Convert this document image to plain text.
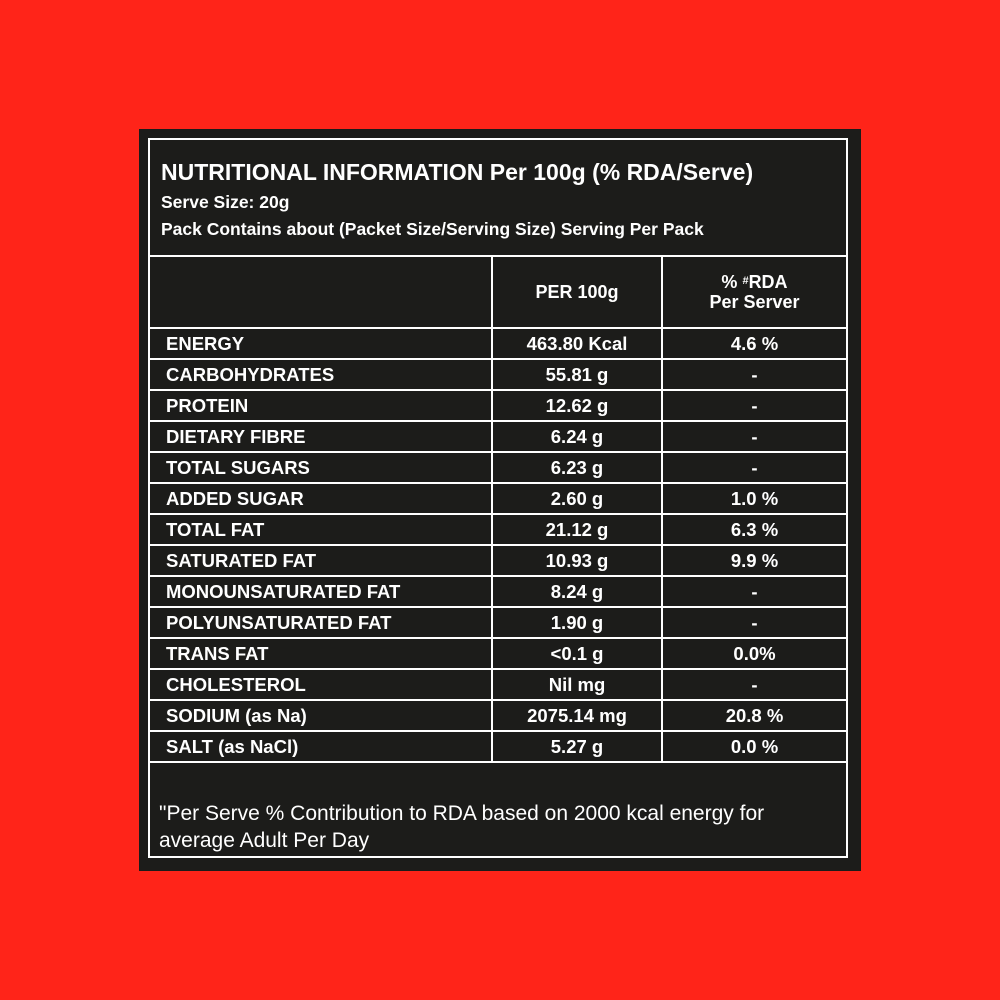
NUTRITIONAL INFORMATION Per 100g (% RDA/Serve)
Serve Size: 20g
Pack Contains about (Packet Size/Serving Size) Serving Per Pack
	PER 100g	% #RDA
Per Server
ENERGY	463.80 Kcal	4.6 %
CARBOHYDRATES	55.81 g	-
PROTEIN	12.62 g	-
DIETARY FIBRE	6.24 g	-
TOTAL SUGARS	6.23 g	-
ADDED SUGAR	2.60 g	1.0 %
TOTAL FAT	21.12 g	6.3 %
SATURATED FAT	10.93 g	9.9 %
MONOUNSATURATED FAT	8.24 g	-
POLYUNSATURATED FAT	1.90 g	-
TRANS FAT	<0.1 g	0.0%
CHOLESTEROL	Nil mg	-
SODIUM (as Na)	2075.14 mg	20.8 %
SALT (as NaCl)	5.27 g	0.0 %
"Per Serve % Contribution to RDA based on 2000 kcal energy for
average Adult Per Day
